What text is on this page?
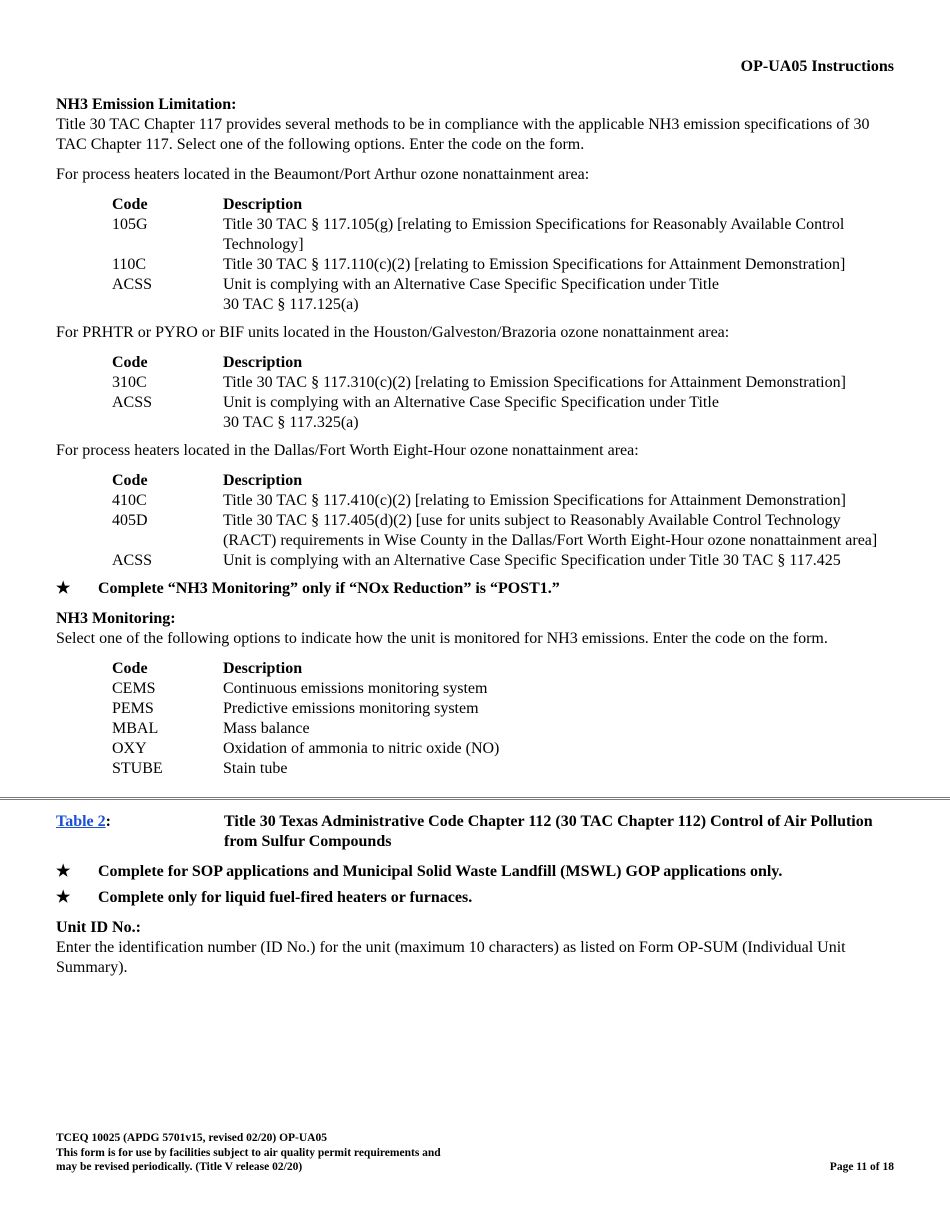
OP-UA05 Instructions

NH3 Emission Limitation:

Title 30 TAC Chapter 117 provides several methods to be in compliance with the applicable NH3 emission specifications of 30 TAC Chapter 117. Select one of the following options. Enter the code on the form.

For process heaters located in the Beaumont/Port Arthur ozone nonattainment area:

Code	Description
105G	Title 30 TAC § 117.105(g) [relating to Emission Specifications for Reasonably Available Control Technology]
110C	Title 30 TAC § 117.110(c)(2) [relating to Emission Specifications for Attainment Demonstration]
ACSS		Unit is complying with an Alternative Case Specific Specification under Title 30 TAC § 117.125(a)

For PRHTR or PYRO or BIF units located in the Houston/Galveston/Brazoria ozone nonattainment area:

Code	Description
310C	Title 30 TAC § 117.310(c)(2) [relating to Emission Specifications for Attainment Demonstration]
ACSS		Unit is complying with an Alternative Case Specific Specification under Title 30 TAC § 117.325(a)

For process heaters located in the Dallas/Fort Worth Eight-Hour ozone nonattainment area:

Code	Description
410C	Title 30 TAC § 117.410(c)(2) [relating to Emission Specifications for Attainment Demonstration]
405D	Title 30 TAC § 117.405(d)(2) [use for units subject to Reasonably Available Control Technology (RACT) requirements in Wise County in the Dallas/Fort Worth Eight-Hour ozone nonattainment area]
ACSS	Unit is complying with an Alternative Case Specific Specification under Title 30 TAC § 117.425
★	Complete “NH3 Monitoring” only if “NOx Reduction” is “POST1.”

NH3 Monitoring:

Select one of the following options to indicate how the unit is monitored for NH3 emissions. Enter the code on the form.

Code	Description
CEMS	Continuous emissions monitoring system
PEMS	Predictive emissions monitoring system
MBAL	Mass balance
OXY	Oxidation of ammonia to nitric oxide (NO)
STUBE	Stain tube
Table 2:	Title 30 Texas Administrative Code Chapter 112 (30 TAC Chapter 112) Control of Air Pollution from Sulfur Compounds
★	Complete for SOP applications and Municipal Solid Waste Landfill (MSWL) GOP applications only.
★	Complete only for liquid fuel-fired heaters or furnaces.

Unit ID No.:

Enter the identification number (ID No.) for the unit (maximum 10 characters) as listed on Form OP-SUM (Individual Unit Summary).

TCEQ 10025 (APDG 5701v15, revised 02/20) OP-UA05
This form is for use by facilities subject to air quality permit requirements and
may be revised periodically. (Title V release 02/20)	Page 11 of 18
